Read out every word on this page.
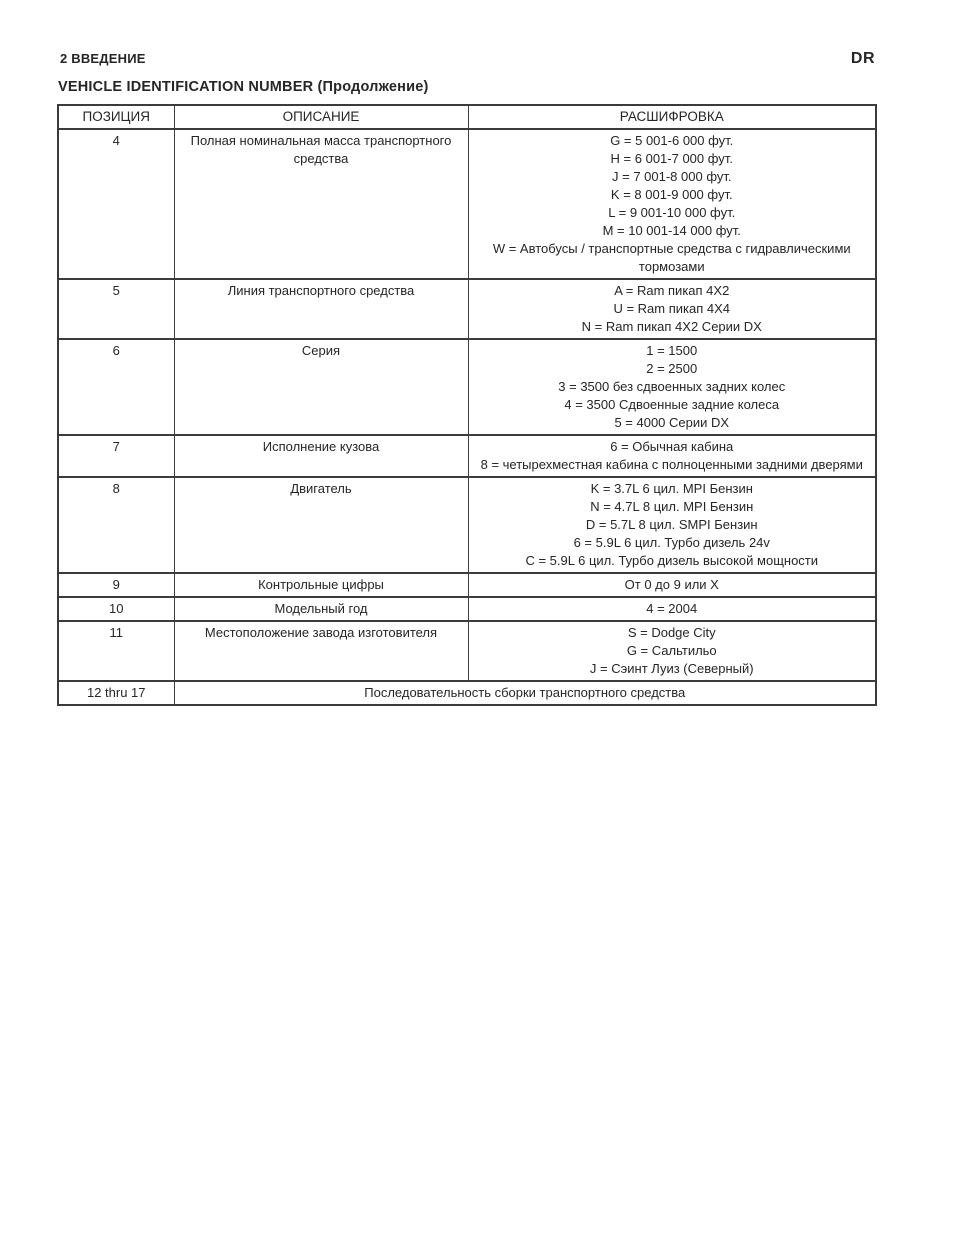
2 ВВЕДЕНИЕ	DR
VEHICLE IDENTIFICATION NUMBER (Продолжение)
ПОЗИЦИЯ	ОПИСАНИЕ	РАСШИФРОВКА
4	Полная номинальная масса транспортного средства	
G = 5 001-6 000 фут.
H = 6 001-7 000 фут.
J = 7 001-8 000 фут.
K = 8 001-9 000 фут.
L = 9 001-10 000 фут.
M = 10 001-14 000 фут.
W = Автобусы / транспортные средства с гидравлическими тормозами

5	Линия транспортного средства	A = Ram пикап 4X2
U = Ram пикап 4X4
N = Ram пикап 4X2 Серии DX

6	Серия	1 = 1500
2 = 2500
3 = 3500 без сдвоенных задних колес
4 = 3500 Сдвоенные задние колеса
5 = 4000 Серии DX

7	Исполнение кузова	6 = Обычная кабина
8 = четырехместная кабина с полноценными задними дверями

8	Двигатель	K = 3.7L 6 цил. MPI Бензин
N = 4.7L 8 цил. MPI Бензин
D = 5.7L 8 цил. SMPI Бензин
6 = 5.9L 6 цил. Турбо дизель 24v
C = 5.9L 6 цил. Турбо дизель высокой мощности

9	Контрольные цифры	От 0 до 9 или X

10	Модельный год	4 = 2004

11	Местоположение завода изготовителя	S = Dodge City
G = Сальтильо
J = Сэинт Луиз (Северный)

12 thru 17	Последовательность сборки транспортного средства	
